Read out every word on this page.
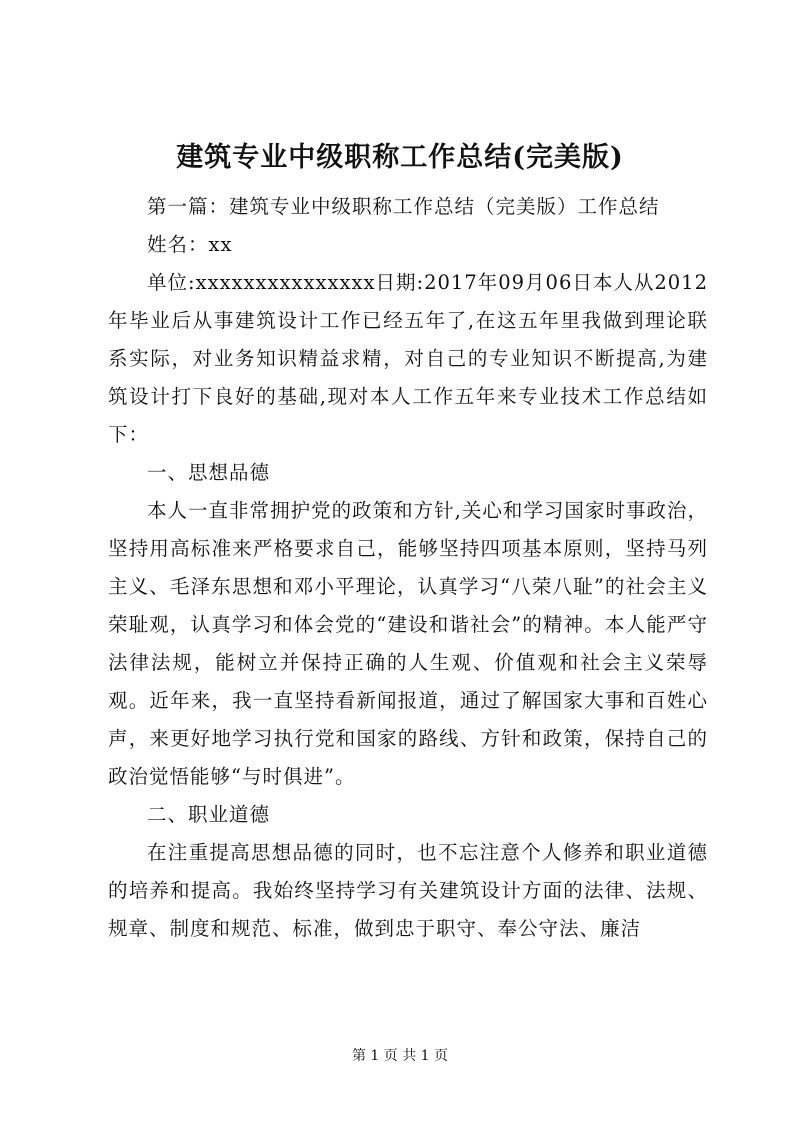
建筑专业中级职称工作总结(完美版)

第一篇：建筑专业中级职称工作总结（完美版）工作总结

姓名：xx

单位:xxxxxxxxxxxxxxx日期:2017年09月06日本人从2012年毕业后从事建筑设计工作已经五年了,在这五年里我做到理论联系实际，对业务知识精益求精，对自己的专业知识不断提高,为建筑设计打下良好的基础,现对本人工作五年来专业技术工作总结如下：

一、思想品德

本人一直非常拥护党的政策和方针,关心和学习国家时事政治，坚持用高标准来严格要求自己，能够坚持四项基本原则，坚持马列主义、毛泽东思想和邓小平理论，认真学习“八荣八耻”的社会主义荣耻观，认真学习和体会党的“建设和谐社会”的精神。本人能严守法律法规，能树立并保持正确的人生观、价值观和社会主义荣辱观。近年来，我一直坚持看新闻报道，通过了解国家大事和百姓心声，来更好地学习执行党和国家的路线、方针和政策，保持自己的政治觉悟能够“与时俱进”。

二、职业道德

在注重提高思想品德的同时，也不忘注意个人修养和职业道德的培养和提高。我始终坚持学习有关建筑设计方面的法律、法规、规章、制度和规范、标准，做到忠于职守、奉公守法、廉洁

第 1 页 共 1 页
